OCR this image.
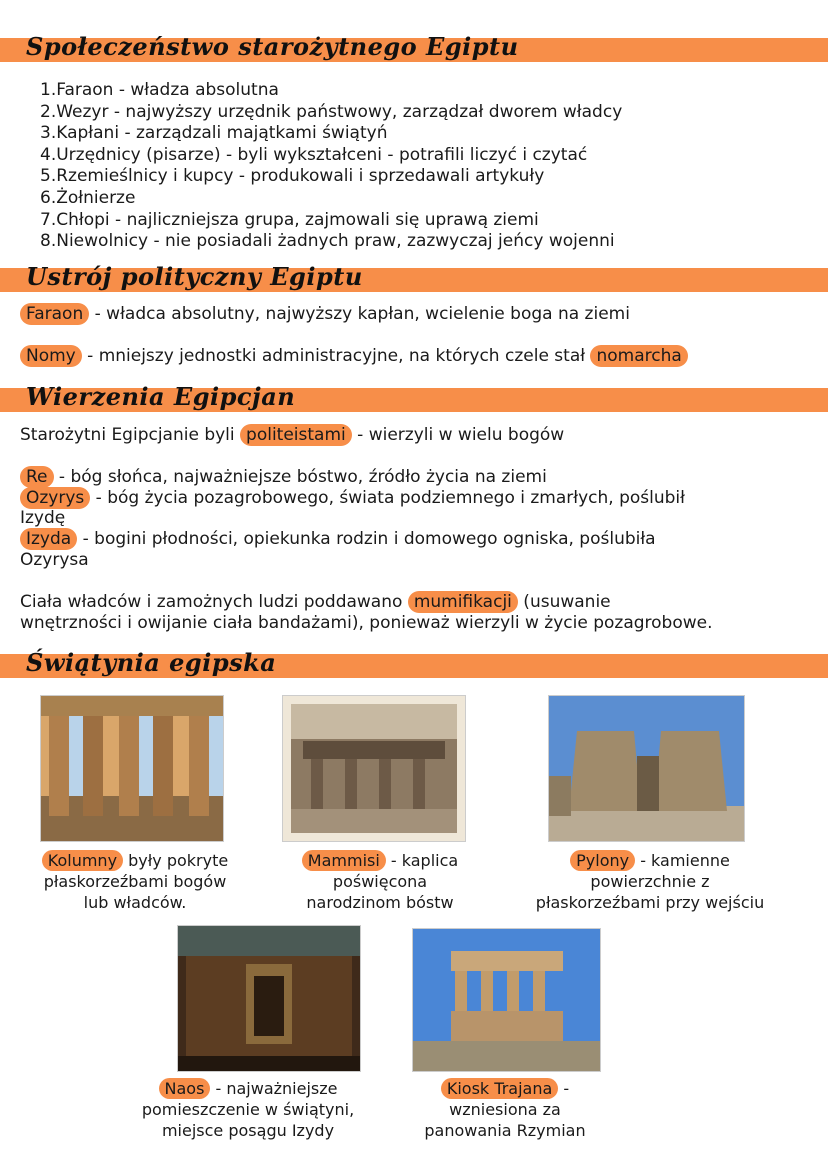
Społeczeństwo starożytnego Egiptu
1.Faraon - władza absolutna
2.Wezyr - najwyższy urzędnik państwowy, zarządzał dworem władcy
3.Kapłani - zarządzali majątkami świątyń
4.Urzędnicy (pisarze) - byli wykształceni - potrafili liczyć i czytać
5.Rzemieślnicy i kupcy - produkowali i sprzedawali artykuły
6.Żołnierze
7.Chłopi - najliczniejsza grupa, zajmowali się uprawą ziemi
8.Niewolnicy - nie posiadali żadnych praw, zazwyczaj jeńcy wojenni
Ustrój polityczny Egiptu
Faraon - władca absolutny, najwyższy kapłan, wcielenie boga na ziemi
Nomy - mniejszy jednostki administracyjne, na których czele stał nomarcha
Wierzenia Egipcjan
Starożytni Egipcjanie byli politeistami - wierzyli w wielu bogów
Re - bóg słońca, najważniejsze bóstwo, źródło życia na ziemi
Ozyrys - bóg życia pozagrobowego, świata podziemnego i zmarłych, poślubił
Izydę
Izyda - bogini płodności, opiekunka rodzin i domowego ogniska, poślubiła
Ozyrysa
Ciała władców i zamożnych ludzi poddawano mumifikacji (usuwanie
wnętrzności i owijanie ciała bandażami), ponieważ wierzyli w życie pozagrobowe.
Świątynia egipska
Kolumny były pokryte
płaskorzeźbami bogów
lub władców.
Mammisi - kaplica
poświęcona
narodzinom bóstw
Pylony - kamienne
powierzchnie z
płaskorzeźbami przy wejściu
Naos - najważniejsze
pomieszczenie w świątyni,
miejsce posągu Izydy
Kiosk Trajana -
wzniesiona za
panowania Rzymian
